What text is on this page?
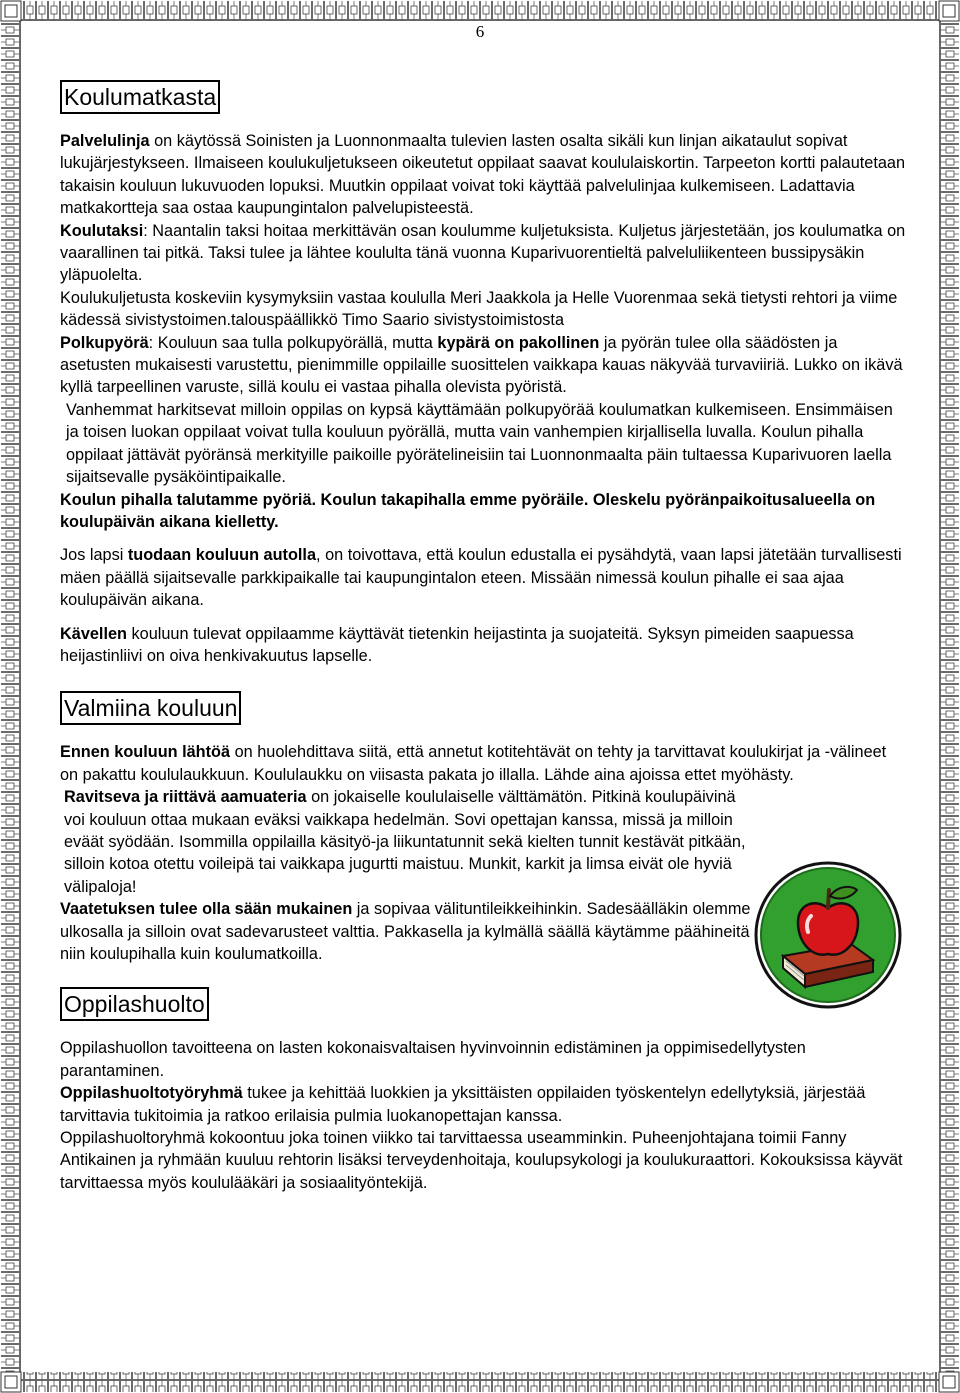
6
Koulumatkasta

Palvelulinja on käytössä Soinisten ja Luonnonmaalta tulevien lasten osalta sikäli kun linjan aikataulut sopivat lukujärjestykseen. Ilmaiseen koulukuljetukseen oikeutetut oppilaat saavat koululaiskortin. Tarpeeton kortti palautetaan takaisin kouluun lukuvuoden lopuksi. Muutkin oppilaat voivat toki käyttää palvelulinjaa kulkemiseen. Ladattavia matkakortteja saa ostaa kaupungintalon palvelupisteestä.

Koulutaksi: Naantalin taksi hoitaa merkittävän osan koulumme kuljetuksista. Kuljetus järjestetään, jos koulumatka on vaarallinen tai pitkä. Taksi tulee ja lähtee koululta tänä vuonna Kuparivuorentieltä palveluliikenteen bussipysäkin yläpuolelta.

Koulukuljetusta koskeviin kysymyksiin vastaa koululla Meri Jaakkola ja Helle Vuorenmaa sekä tietysti rehtori ja viime kädessä sivistystoimen.talouspäällikkö Timo Saario sivistystoimistosta

Polkupyörä: Kouluun saa tulla polkupyörällä, mutta kypärä on pakollinen ja pyörän tulee olla säädösten ja asetusten mukaisesti varustettu, pienimmille oppilaille suosittelen vaikkapa kauas näkyvää turvaviiriä. Lukko on ikävä kyllä tarpeellinen varuste, sillä koulu ei vastaa pihalla olevista pyöristä.

Vanhemmat harkitsevat milloin oppilas on kypsä käyttämään polkupyörää koulumatkan kulkemiseen. Ensimmäisen ja toisen luokan oppilaat voivat tulla kouluun pyörällä, mutta vain vanhempien kirjallisella luvalla. Koulun pihalla oppilaat jättävät pyöränsä merkityille paikoille pyörätelineisiin tai Luonnonmaalta päin tultaessa Kuparivuoren laella sijaitsevalle pysäköintipaikalle.

Koulun pihalla talutamme pyöriä. Koulun takapihalla emme pyöräile. Oleskelu pyöränpaikoitusalueella on koulupäivän aikana kielletty.

Jos lapsi tuodaan kouluun autolla, on toivottava, että koulun edustalla ei pysähdytä, vaan lapsi jätetään turvallisesti mäen päällä sijaitsevalle parkkipaikalle tai kaupungintalon eteen. Missään nimessä koulun pihalle ei saa ajaa koulupäivän aikana.

Kävellen kouluun tulevat oppilaamme käyttävät tietenkin heijastinta ja suojateitä. Syksyn pimeiden saapuessa heijastinliivi on oiva henkivakuutus lapselle.

Valmiina kouluun

Ennen kouluun lähtöä on huolehdittava siitä, että annetut kotitehtävät on tehty ja tarvittavat koulukirjat ja -välineet on pakattu koululaukkuun. Koululaukku on viisasta pakata jo illalla. Lähde aina ajoissa ettet myöhästy.

Ravitseva ja riittävä aamuateria on jokaiselle koululaiselle välttämätön. Pitkinä koulupäivinä voi kouluun ottaa mukaan eväksi vaikkapa hedelmän. Sovi opettajan kanssa, missä ja milloin eväät syödään. Isommilla oppilailla käsityö-ja liikuntatunnit sekä kielten tunnit kestävät pitkään, silloin kotoa otettu voileipä tai vaikkapa jugurtti maistuu. Munkit, karkit ja limsa eivät ole hyviä välipaloja!

Vaatetuksen tulee olla sään mukainen ja sopivaa välituntileikkeihinkin. Sadesäälläkin olemme ulkosalla ja silloin ovat sadevarusteet valttia. Pakkasella ja kylmällä säällä käytämme päähineitä niin koulupihalla kuin koulumatkoilla.

Oppilashuolto

Oppilashuollon tavoitteena on lasten kokonaisvaltaisen hyvinvoinnin edistäminen ja oppimisedellytysten parantaminen.

Oppilashuoltotyöryhmä tukee ja kehittää luokkien ja yksittäisten oppilaiden työskentelyn edellytyksiä, järjestää tarvittavia tukitoimia ja ratkoo erilaisia pulmia luokanopettajan kanssa.

Oppilashuoltoryhmä kokoontuu joka toinen viikko tai tarvittaessa useamminkin. Puheenjohtajana toimii Fanny Antikainen ja ryhmään kuuluu rehtorin lisäksi terveydenhoitaja, koulupsykologi ja koulukuraattori. Kokouksissa käyvät tarvittaessa myös koululääkäri ja sosiaalityöntekijä.
